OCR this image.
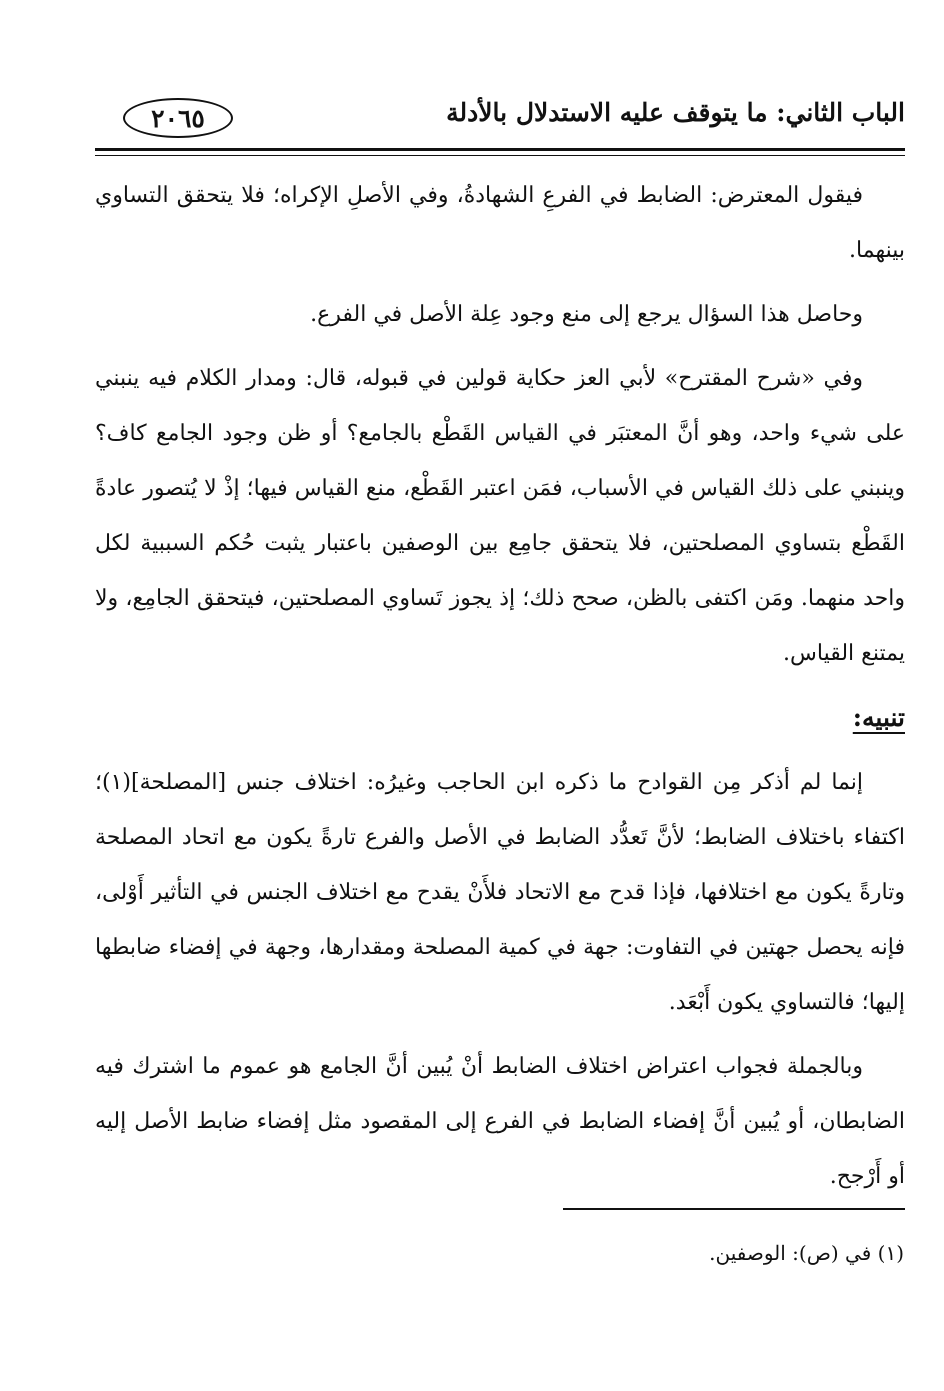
٢٠٦٥	الباب الثاني: ما يتوقف عليه الاستدلال بالأدلة

فيقول المعترض: الضابط في الفرعِ الشهادةُ، وفي الأصلِ الإكراه؛ فلا يتحقق التساوي بينهما.

وحاصل هذا السؤال يرجع إلى منع وجود عِلة الأصل في الفرع.

وفي «شرح المقترح» لأبي العز حكاية قولين في قبوله، قال: ومدار الكلام فيه ينبني على شيء واحد، وهو أنَّ المعتبَر في القياس القَطْع بالجامع؟ أو ظن وجود الجامع كاف؟ وينبني على ذلك القياس في الأسباب، فمَن اعتبر القَطْع، منع القياس فيها؛ إذْ لا يُتصور عادةً القَطْع بتساوي المصلحتين، فلا يتحقق جامِع بين الوصفين باعتبار يثبت حُكم السببية لكل واحد منهما. ومَن اكتفى بالظن، صحح ذلك؛ إذ يجوز تَساوي المصلحتين، فيتحقق الجامِع، ولا يمتنع القياس.

تنبيه:

إنما لم أذكر مِن القوادح ما ذكره ابن الحاجب وغيرُه: اختلاف جنس [المصلحة](١)؛ اكتفاء باختلاف الضابط؛ لأنَّ تَعدُّد الضابط في الأصل والفرع تارةً يكون مع اتحاد المصلحة وتارةً يكون مع اختلافها، فإذا قدح مع الاتحاد فلأَنْ يقدح مع اختلاف الجنس في التأثير أَوْلى، فإنه يحصل جهتين في التفاوت: جهة في كمية المصلحة ومقدارها، وجهة في إفضاء ضابطها إليها؛ فالتساوي يكون أَبْعَد.

وبالجملة فجواب اعتراض اختلاف الضابط أنْ يُبين أنَّ الجامع هو عموم ما اشترك فيه الضابطان، أو يُبين أنَّ إفضاء الضابط في الفرع إلى المقصود مثل إفضاء ضابط الأصل إليه أو أَرْجح.

(١) في (ص): الوصفين.
